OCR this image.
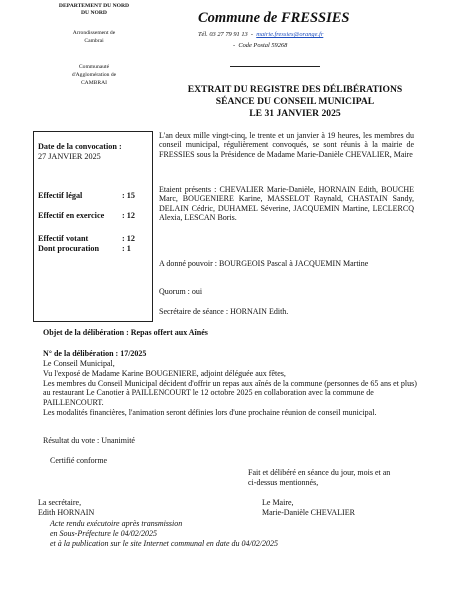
DEPARTEMENT DU NORD
DU NORD
Arrondissement de
Cambrai
Communauté
d'Agglomération de
CAMBRAI
Commune de FRESSIES
Tél. 03 27 79 91 13  -  mairie.fressies@orange.fr
-  Code Postal 59268
EXTRAIT DU REGISTRE DES DÉLIBÉRATIONS
SÉANCE DU CONSEIL MUNICIPAL
LE 31 JANVIER 2025
Date de la convocation :
27 JANVIER 2025
Effectif légal	: 15
Effectif en exercice	: 12
Effectif votant	: 12
Dont procuration	: 1
L'an deux mille vingt-cinq, le trente et un janvier à 19 heures, les membres du conseil municipal, régulièrement convoqués, se sont réunis à la mairie de FRESSIES sous la Présidence de Madame Marie-Danièle CHEVALIER, Maire
Etaient présents : CHEVALIER Marie-Danièle, HORNAIN Edith, BOUCHE Marc, BOUGENIERE Karine, MASSELOT Raynald, CHASTAIN Sandy, DELAIN Cédric, DUHAMEL Séverine, JACQUEMIN Martine, LECLERCQ Alexia, LESCAN Boris.
A donné pouvoir : BOURGEOIS Pascal à JACQUEMIN Martine
Quorum : oui
Secrétaire de séance : HORNAIN Edith.
Objet de la délibération : Repas offert aux Aînés
N° de la délibération : 17/2025
Le Conseil Municipal,
Vu l'exposé de Madame Karine BOUGENIERE, adjoint déléguée aux fêtes,
Les membres du Conseil Municipal décident d'offrir un repas aux aînés de la commune (personnes de 65 ans et plus) au restaurant Le Canotier à PAILLENCOURT le 12 octobre 2025 en collaboration avec la commune de PAILLENCOURT.
Les modalités financières, l'animation seront définies lors d'une prochaine réunion de conseil municipal.
Résultat du vote : Unanimité
Certifié conforme
Fait et délibéré en séance du jour, mois et an
ci-dessus mentionnés,
La secrétaire,
Edith HORNAIN
Le Maire,
Marie-Danièle CHEVALIER
Acte rendu exécutoire après transmission
en Sous-Préfecture le 04/02/2025
et à la publication sur le site Internet communal en date du 04/02/2025
